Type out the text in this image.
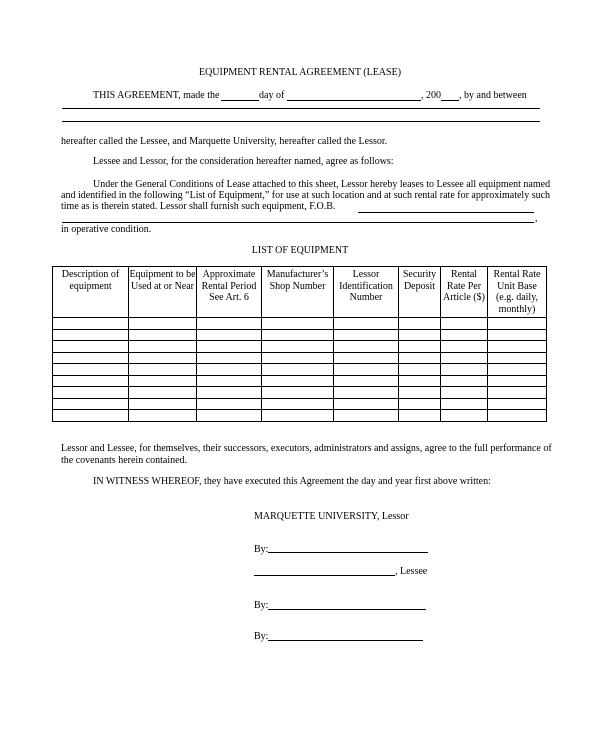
EQUIPMENT RENTAL AGREEMENT (LEASE)
THIS AGREEMENT, made the	day of	, 200 , by and between
hereafter called the Lessee, and Marquette University, hereafter called the Lessor.
Lessee and Lessor, for the consideration hereafter named, agree as follows:
Under the General Conditions of Lease attached to this sheet, Lessor hereby leases to Lessee all equipment named
and identified in the following “List of Equipment,” for use at such location and at such rental rate for approximately such
time as is therein stated. Lessor shall furnish such equipment, F.O.B.
,
in operative condition.
LIST OF EQUIPMENT
Description of equipment	Equipment to be Used at or Near	Approximate Rental Period See Art. 6	Manufacturer’s Shop Number	Lessor Identification Number	Security Deposit	Rental Rate Per Article ($)	Rental Rate Unit Base (e.g. daily, monthly)

Lessor and Lessee, for themselves, their successors, executors, administrators and assigns, agree to the full performance of
the covenants herein contained.
IN WITNESS WHEREOF, they have executed this Agreement the day and year first above written:
MARQUETTE UNIVERSITY, Lessor
By:
, Lessee
By:
By:
